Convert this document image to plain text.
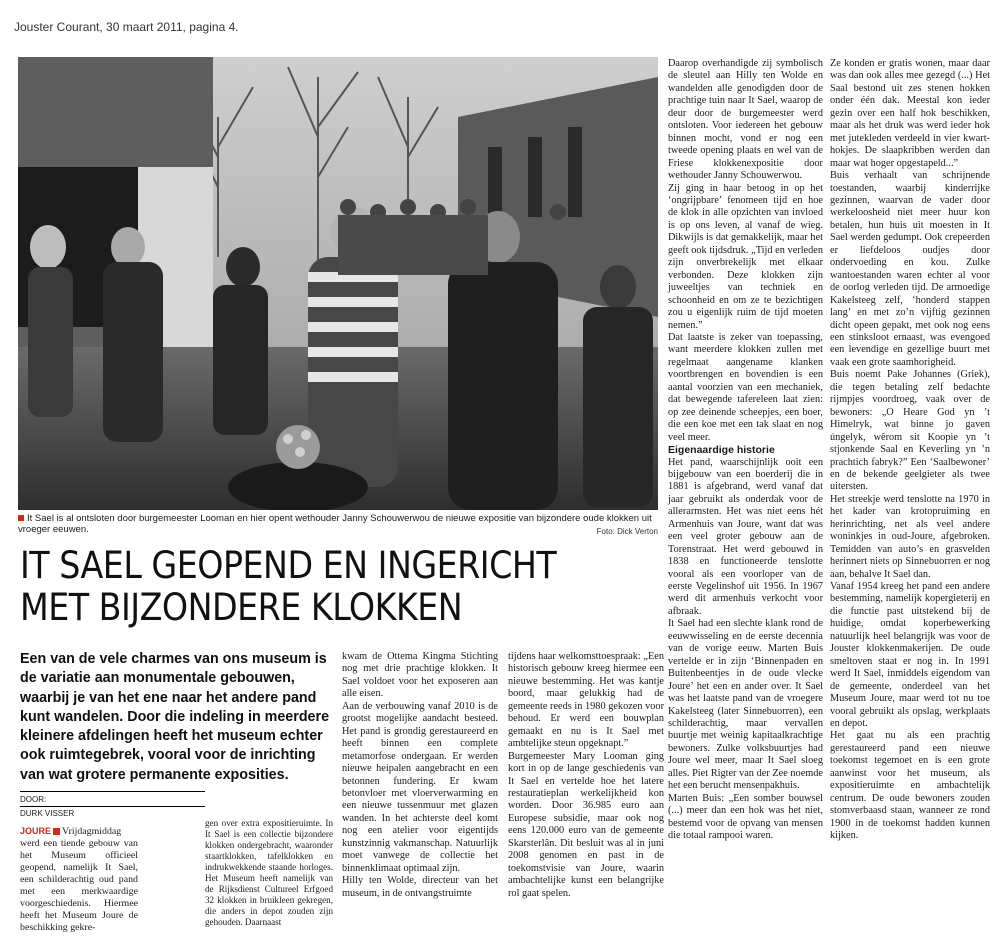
Jouster Courant, 30 maart 2011, pagina 4.
It Sael is al ontsloten door burgemeester Looman en hier opent wethouder Janny Schouwerwou de nieuwe expositie van bijzondere oude klokken uit vroeger eeuwen.	Foto: Dick Verton
IT SAEL GEOPEND EN INGERICHT MET BIJZONDERE KLOKKEN
Een van de vele charmes van ons museum is de variatie aan monumentale gebouwen, waarbij je van het ene naar het andere pand kunt wandelen. Door die indeling in meerdere kleinere afdelingen heeft het museum echter ook ruimtegebrek, vooral voor de inrichting van wat grotere permanente exposities.
DOOR:
DURK VISSER

JOURE Vrijdagmiddag werd een tiende gebouw van het Museum officieel geopend, namelijk It Sael, een schilderachtig oud pand met een merkwaardige voorgeschiedenis. Hiermee heeft het Museum Joure de beschikking gekre-

gen over extra expositieruimte. In It Sael is een collectie bijzondere klokken ondergebracht, waaronder staartklokken, tafelklokken en indrukwekkende staande horloges. Het Museum heeft namelijk van de Rijksdienst Cultureel Erfgoed 32 klokken in bruikleen gekregen, die anders in depot zouden zijn gehouden. Daarnaast

kwam de Ottema Kingma Stichting nog met drie prachtige klokken. It Sael voldoet voor het exposeren aan alle eisen.

Aan de verbouwing vanaf 2010 is de grootst mogelijke aandacht besteed. Het pand is grondig gerestaureerd en heeft binnen een complete metamorfose ondergaan. Er werden nieuwe heipalen aangebracht en een betonnen fundering. Er kwam betonvloer met vloerverwarming en een nieuwe tussenmuur met glazen wanden. In het achterste deel komt nog een atelier voor eigentijds kunstzinnig vakmanschap. Natuurlijk moet vanwege de collectie het binnenklimaat optimaal zijn.

Hilly ten Wolde, directeur van het museum, in de ontvangstruimte

tijdens haar welkomsttoespraak: „Een historisch gebouw kreeg hiermee een nieuwe bestemming. Het was kantje boord, maar gelukkig had de gemeente reeds in 1980 gekozen voor behoud. Er werd een bouwplan gemaakt en nu is It Sael met ambtelijke steun opgeknapt.”

Burgemeester Mary Looman ging kort in op de lange geschiedenis van It Sael en vertelde hoe het latere restauratieplan werkelijkheid kon worden. Door 36.985 euro aan Europese subsidie, maar ook nog eens 120.000 euro van de gemeente Skarsterlân. Dit besluit was al in juni 2008 genomen en past in de toekomstvisie van Joure, waarin ambachtelijke kunst een belangrijke rol gaat spelen.

Daarop overhandigde zij symbolisch de sleutel aan Hilly ten Wolde en wandelden alle genodigden door de prachtige tuin naar It Sael, waarop de deur door de burgemeester werd ontsloten. Voor iedereen het gebouw binnen mocht, vond er nog een tweede opening plaats en wel van de Friese klokkenexpositie door wethouder Janny Schouwerwou.

Zij ging in haar betoog in op het ‘ongrijpbare’ fenomeen tijd en hoe de klok in alle opzichten van invloed is op ons leven, al vanaf de wieg. Dikwijls is dat gemakkelijk, maar het geeft ook tijdsdruk. „Tijd en verleden zijn onverbrekelijk met elkaar verbonden. Deze klokken zijn juweeltjes van techniek en schoonheid en om ze te bezichtigen zou u eigenlijk ruim de tijd moeten nemen.”

Dat laatste is zeker van toepassing, want meerdere klokken zullen met regelmaat aangename klanken voortbrengen en bovendien is een aantal voorzien van een mechaniek, dat bewegende tafereleen laat zien: op zee deinende scheepjes, een boer, die een koe met een tak slaat en nog veel meer.

Eigenaardige historie

Het pand, waarschijnlijk ooit een bijgebouw van een boerderij die in 1881 is afgebrand, werd vanaf dat jaar gebruikt als onderdak voor de allerarmsten. Het was niet eens hét Armenhuis van Joure, want dat was een veel groter gebouw aan de Torenstraat. Het werd gebouwd in 1838 en functioneerde tenslotte vooral als een voorloper van de eerste Vegelinshof uit 1956. In 1967 werd dit armenhuis verkocht voor afbraak.

It Sael had een slechte klank rond de eeuwwisseling en de eerste decennia van de vorige eeuw. Marten Buis vertelde er in zijn ‘Binnenpaden en Buitenbeentjes in de oude vlecke Joure’ het een en ander over. It Sael was het laatste pand van de vroegere Kakelsteeg (later Sinnebuorren), een schilderachtig, maar vervallen buurtje met weinig kapitaalkrachtige bewoners. Zulke volksbuurtjes had Joure wel meer, maar It Sael sloeg alles. Piet Rigter van der Zee noemde het een berucht mensenpakhuis.

Marten Buis: „Een somber bouwsel (...) meer dan een hok was het niet, bestemd voor de opvang van mensen die totaal rampooi waren.

Ze konden er gratis wonen, maar daar was dan ook alles mee gezegd (...) Het Saal bestond uit zes stenen hokken onder één dak. Meestal kon ieder gezin over een half hok beschikken, maar als het druk was werd ieder hok met jutekleden verdeeld in vier kwart-hokjes. De slaapkribben werden dan maar wat hoger opgestapeld...”

Buis verhaalt van schrijnende toestanden, waarbij kinderrijke gezinnen, waarvan de vader door werkeloosheid niet meer huur kon betalen, hun huis uit moesten in It Sael werden gedumpt. Ook crepeerden er liefdeloos oudjes door ondervoeding en kou. Zulke wantoestanden waren echter al voor de oorlog verleden tijd. De armoedige Kakelsteeg zelf, ‘honderd stappen lang’ en met zo’n vijftig gezinnen dicht opeen gepakt, met ook nog eens een stinksloot ernaast, was evengoed een levendige en gezellige buurt met vaak een grote saamhorigheid.

Buis noemt Pake Johannes (Griek), die tegen betaling zelf bedachte rijmpjes voordroeg, vaak over de bewoners: „O Heare God yn ’t Himelryk, wat binne jo gaven úngelyk, wêrom sit Koopie yn ’t stjonkende Saal en Keverling yn ’n prachtich fabryk?” Een ‘Saalbewoner’ en de bekende geelgieter als twee uitersten.

Het streekje werd tenslotte na 1970 in het kader van krotopruiming en herinrichting, net als veel andere woninkjes in oud-Joure, afgebroken. Temidden van auto’s en grasvelden herinnert niets op Sinnebuorren er nog aan, behalve It Sael dan.

Vanaf 1954 kreeg het pand een andere bestemming, namelijk kopergieterij en die functie past uitstekend bij de huidige, omdat koperbewerking natuurlijk heel belangrijk was voor de Jouster klokkenmakerijen. De oude smeltoven staat er nog in. In 1991 werd It Sael, inmiddels eigendom van de gemeente, onderdeel van het Museum Joure, maar werd tot nu toe vooral gebruikt als opslag, werkplaats en depot.

Het gaat nu als een prachtig gerestaureerd pand een nieuwe toekomst tegemoet en is een grote aanwinst voor het museum, als expositieruimte en ambachtelijk centrum. De oude bewoners zouden stomverbaasd staan, wanneer ze rond 1900 in de toekomst hadden kunnen kijken.
